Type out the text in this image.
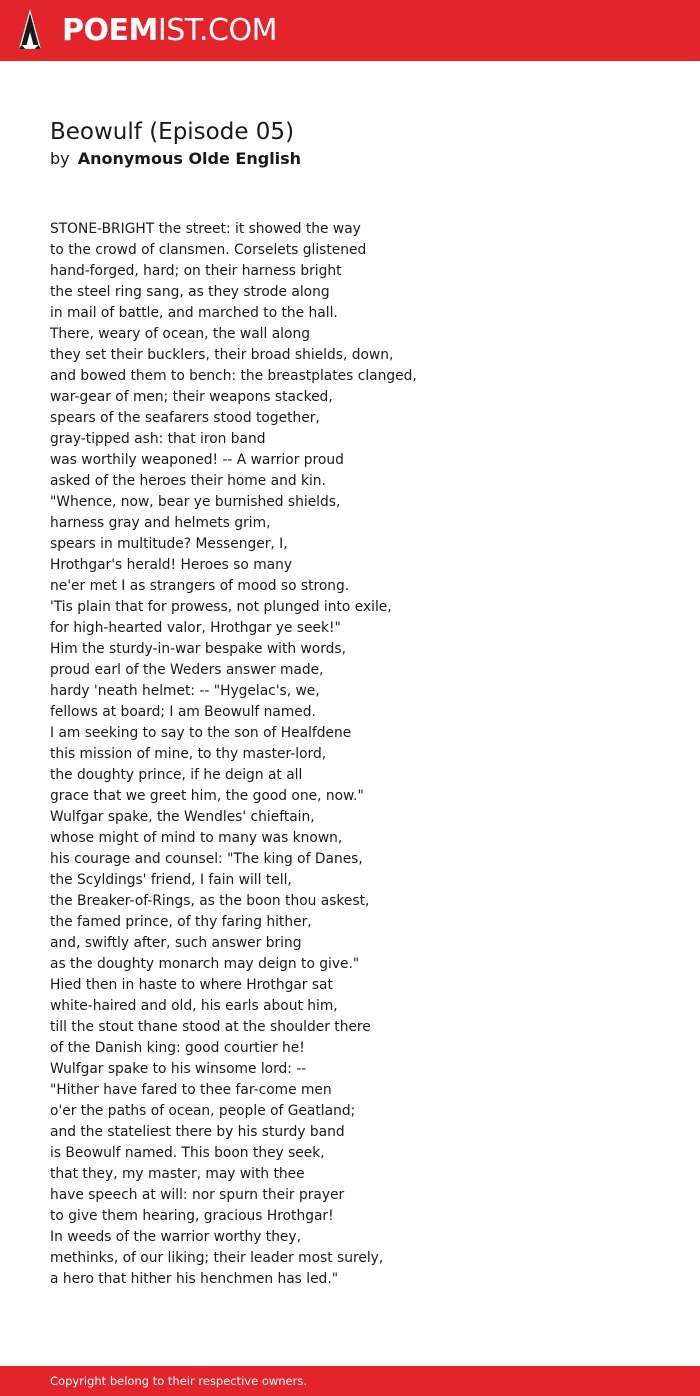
POEMIST.COM
Beowulf (Episode 05)
by Anonymous Olde English
STONE-BRIGHT the street: it showed the way
to the crowd of clansmen. Corselets glistened
hand-forged, hard; on their harness bright
the steel ring sang, as they strode along
in mail of battle, and marched to the hall.
There, weary of ocean, the wall along
they set their bucklers, their broad shields, down,
and bowed them to bench: the breastplates clanged,
war-gear of men; their weapons stacked,
spears of the seafarers stood together,
gray-tipped ash: that iron band
was worthily weaponed! -- A warrior proud
asked of the heroes their home and kin.
"Whence, now, bear ye burnished shields,
harness gray and helmets grim,
spears in multitude? Messenger, I,
Hrothgar's herald! Heroes so many
ne'er met I as strangers of mood so strong.
'Tis plain that for prowess, not plunged into exile,
for high-hearted valor, Hrothgar ye seek!"
Him the sturdy-in-war bespake with words,
proud earl of the Weders answer made,
hardy 'neath helmet: -- "Hygelac's, we,
fellows at board; I am Beowulf named.
I am seeking to say to the son of Healfdene
this mission of mine, to thy master-lord,
the doughty prince, if he deign at all
grace that we greet him, the good one, now."
Wulfgar spake, the Wendles' chieftain,
whose might of mind to many was known,
his courage and counsel: "The king of Danes,
the Scyldings' friend, I fain will tell,
the Breaker-of-Rings, as the boon thou askest,
the famed prince, of thy faring hither,
and, swiftly after, such answer bring
as the doughty monarch may deign to give."
Hied then in haste to where Hrothgar sat
white-haired and old, his earls about him,
till the stout thane stood at the shoulder there
of the Danish king: good courtier he!
Wulfgar spake to his winsome lord: --
"Hither have fared to thee far-come men
o'er the paths of ocean, people of Geatland;
and the stateliest there by his sturdy band
is Beowulf named. This boon they seek,
that they, my master, may with thee
have speech at will: nor spurn their prayer
to give them hearing, gracious Hrothgar!
In weeds of the warrior worthy they,
methinks, of our liking; their leader most surely,
a hero that hither his henchmen has led."
Copyright belong to their respective owners.
